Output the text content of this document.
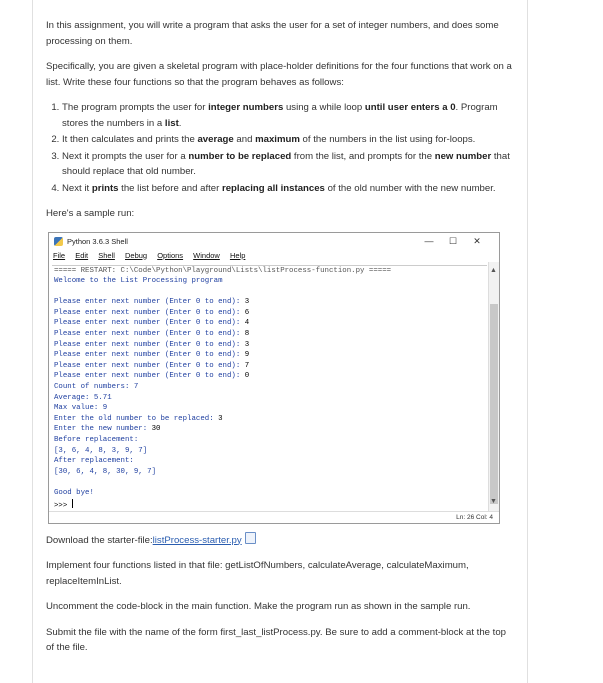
In this assignment, you will write a program that asks the user for a set of integer numbers, and does some processing on them.

Specifically, you are given a skeletal program with place-holder definitions for the four functions that work on a list. Write these four functions so that the program behaves as follows:

1. The program prompts the user for integer numbers using a while loop until user enters a 0. Program stores the numbers in a list.
2. It then calculates and prints the average and maximum of the numbers in the list using for-loops.
3. Next it prompts the user for a number to be replaced from the list, and prompts for the new number that should replace that old number.
4. Next it prints the list before and after replacing all instances of the old number with the new number.

Here's a sample run:

Python 3.6.3 Shell	— ☐ ✕
File Edit Shell Debug Options Window Help
===== RESTART: C:\Code\Python\Playground\Lists\listProcess-function.py =====
Welcome to the List Processing program

Please enter next number (Enter 0 to end): 3
Please enter next number (Enter 0 to end): 6
Please enter next number (Enter 0 to end): 4
Please enter next number (Enter 0 to end): 8
Please enter next number (Enter 0 to end): 3
Please enter next number (Enter 0 to end): 9
Please enter next number (Enter 0 to end): 7
Please enter next number (Enter 0 to end): 0
Count of numbers: 7
Average: 5.71
Max value: 9
Enter the old number to be replaced: 3
Enter the new number: 30
Before replacement:
[3, 6, 4, 8, 3, 9, 7]
After replacement:
[30, 6, 4, 8, 30, 9, 7]

Good bye!
>>>
▲
▼
Ln: 26 Col: 4

Download the starter-file:listProcess-starter.py

Implement four functions listed in that file: getListOfNumbers, calculateAverage, calculateMaximum, replaceItemInList.

Uncomment the code-block in the main function. Make the program run as shown in the sample run.

Submit the file with the name of the form first_last_listProcess.py. Be sure to add a comment-block at the top of the file.
